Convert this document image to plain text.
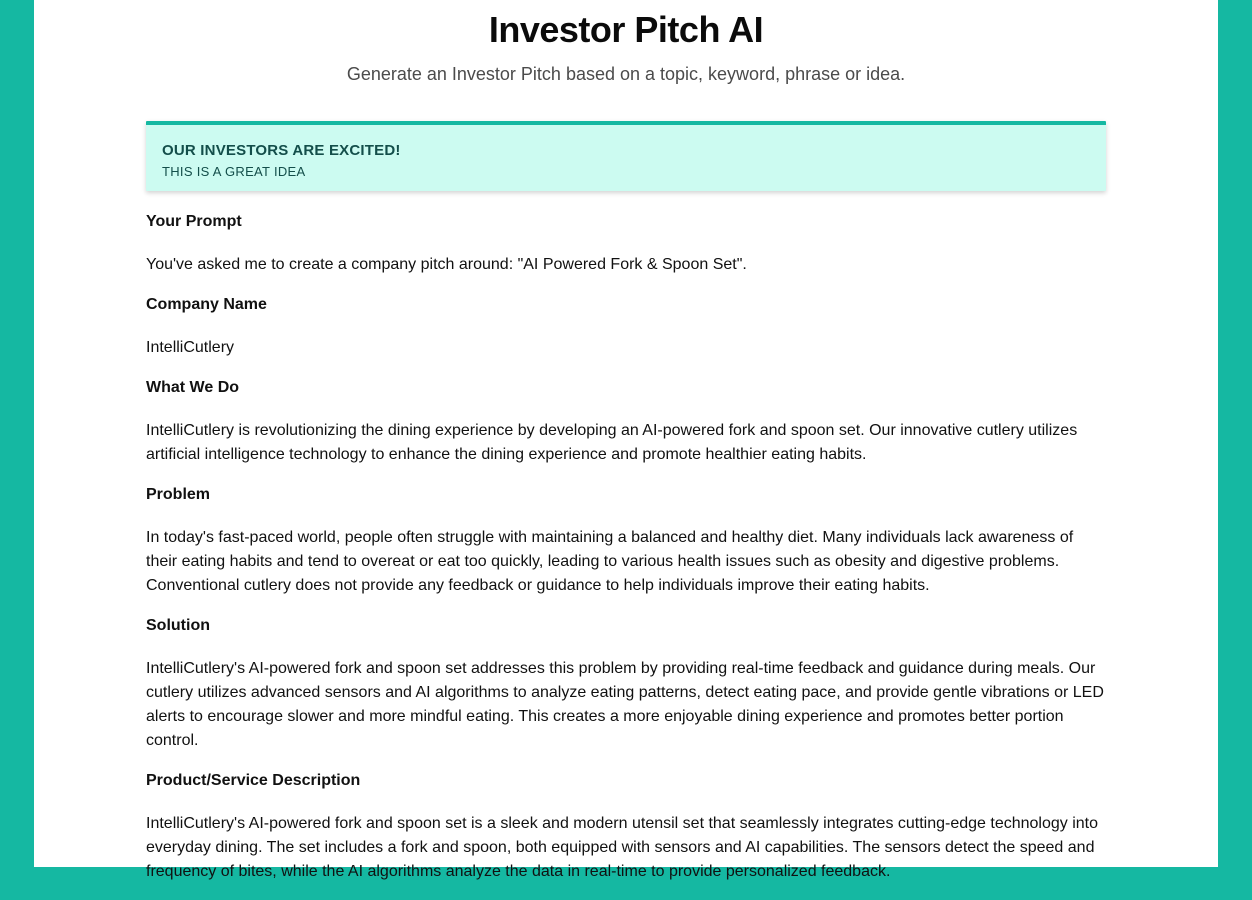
Investor Pitch AI

Generate an Investor Pitch based on a topic, keyword, phrase or idea.

OUR INVESTORS ARE EXCITED!
THIS IS A GREAT IDEA
Your Prompt
You've asked me to create a company pitch around: "AI Powered Fork & Spoon Set".
Company Name
IntelliCutlery
What We Do
IntelliCutlery is revolutionizing the dining experience by developing an AI-powered fork and spoon set. Our innovative cutlery utilizes artificial intelligence technology to enhance the dining experience and promote healthier eating habits.
Problem
In today's fast-paced world, people often struggle with maintaining a balanced and healthy diet. Many individuals lack awareness of their eating habits and tend to overeat or eat too quickly, leading to various health issues such as obesity and digestive problems. Conventional cutlery does not provide any feedback or guidance to help individuals improve their eating habits.
Solution
IntelliCutlery's AI-powered fork and spoon set addresses this problem by providing real-time feedback and guidance during meals. Our cutlery utilizes advanced sensors and AI algorithms to analyze eating patterns, detect eating pace, and provide gentle vibrations or LED alerts to encourage slower and more mindful eating. This creates a more enjoyable dining experience and promotes better portion control.
Product/Service Description
IntelliCutlery's AI-powered fork and spoon set is a sleek and modern utensil set that seamlessly integrates cutting-edge technology into everyday dining. The set includes a fork and spoon, both equipped with sensors and AI capabilities. The sensors detect the speed and frequency of bites, while the AI algorithms analyze the data in real-time to provide personalized feedback.
